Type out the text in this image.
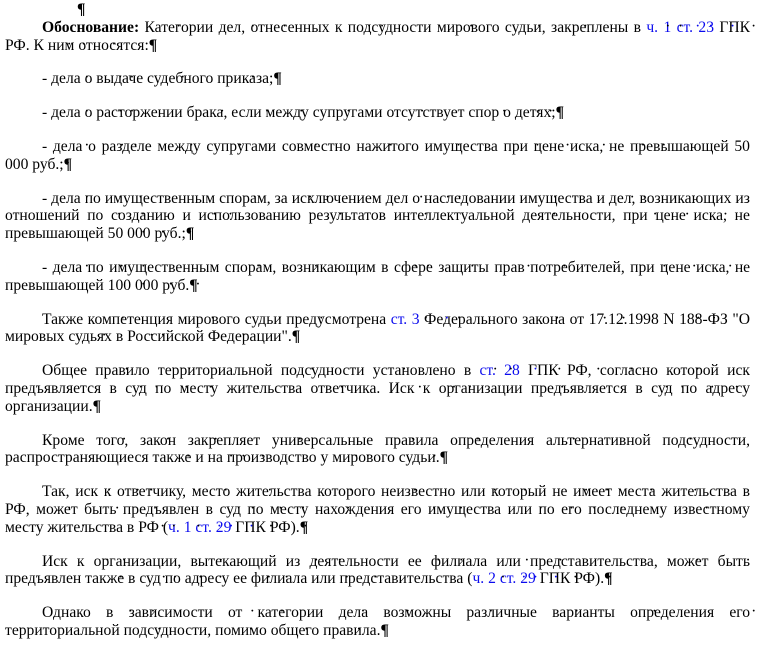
¶

Обоснование: · Категории · дел, · отнесенных · к · подсудности · мирового · судьи,· закреплены · в · ч. · 1 · ст. · 23 · ГПК РФ. · К · ним · относятся:¶

- · дела · о · выдаче · судебного · приказа;¶

- · дела · о · расторжении · брака, · если · между · супругами · отсутствует · спор · о · детях;¶

- · дела · о · разделе · между · супругами · совместно · нажитого · имущества· при · цене · иска, · не · превышающей · 50 000 · руб.;¶

- · дела · по · имущественным · спорам, · за · исключением · дел · о· наследовании · имущества · и · дел, · возникающих · из отношений · по · созданию · и · использованию · результатов · интеллектуальной · деятельности, · при · цене · иска,· не превышающей · 50 · 000 · руб.;¶

- · дела · по · имущественным · спорам, · возникающим · в · сфере · защиты· прав · потребителей, · при · цене · иска, · не превышающей · 100 · 000 · руб.¶

Также · компетенция · мирового · судьи · предусмотрена · ст. · 3 · Федерального· закона · от · 17.12.1998 · N · 188-ФЗ · "О мировых · судьях · в · Российской· Федерации".¶

Общее · правило · территориальной · подсудности · установлено · в · ст. · 28 · ГПК · РФ, · согласно · которой · иск предъявляется · в · суд · по · месту · жительства · ответчика. · Иск · к · организации · предъявляется · в · суд · по · адресу организации.¶

Кроме · того, · закон · закрепляет · универсальные · правила · определения· альтернативной · подсудности, распространяющиеся · также · и · на · производство · у· мирового · судьи.¶

Так, · иск · к · ответчику, · место · жительства · которого · неизвестно · или· который · не · имеет · места · жительства · в РФ, · может · быть · предъявлен · в· суд · по · месту · нахождения · его · имущества · или · по · его · последнему· известному месту · жительства · в · РФ · (ч. · 1 · ст. · 29 · ГПК · РФ).¶

Иск · к · организации, · вытекающий · из · деятельности · ее · филиала · или· представительства, · может · быть предъявлен · также · в · суд · по · адресу · ее· филиала · или · представительства · (ч. · 2 · ст. · 29 · ГПК · РФ).¶

Однако · в · зависимости · от · категории · дела · возможны · различные · варианты · определения · его территориальной · подсудности, · помимо · общего · правила.¶
